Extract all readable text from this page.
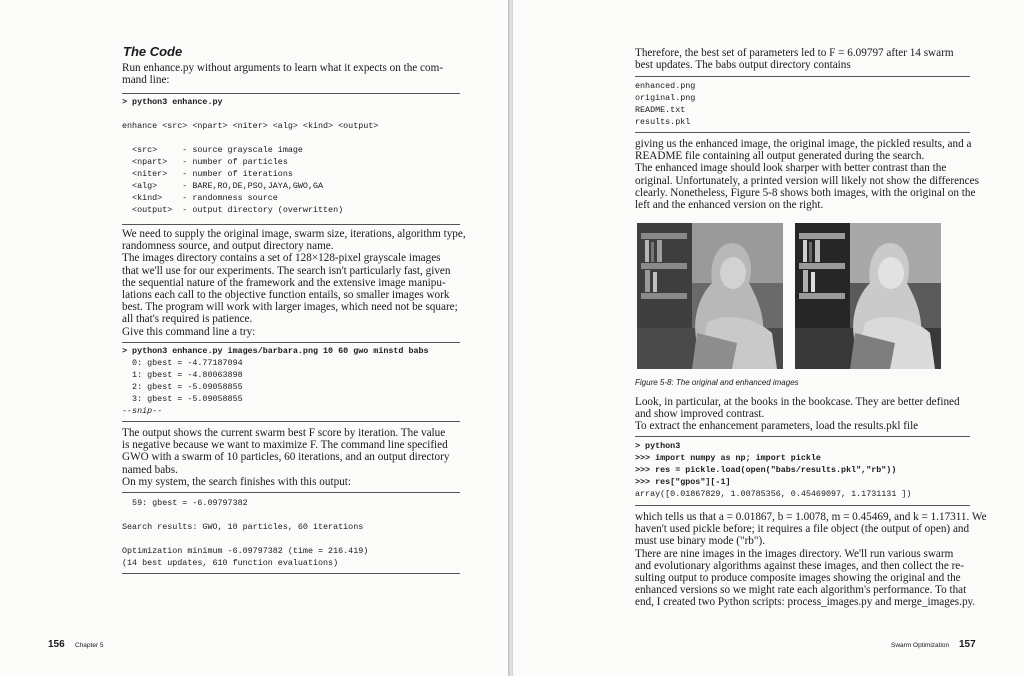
The Code
Run enhance.py without arguments to learn what it expects on the com-
mand line:
> python3 enhance.py
enhance <src> <npart> <niter> <alg> <kind> <output>
<src>     - source grayscale image
<npart>   - number of particles
<niter>   - number of iterations
<alg>     - BARE,RO,DE,PSO,JAYA,GWO,GA
<kind>    - randomness source
<output>  - output directory (overwritten)
We need to supply the original image, swarm size, iterations, algorithm type,
randomness source, and output directory name.
The images directory contains a set of 128×128-pixel grayscale images
that we'll use for our experiments. The search isn't particularly fast, given
the sequential nature of the framework and the extensive image manipu-
lations each call to the objective function entails, so smaller images work
best. The program will work with larger images, which need not be square;
all that's required is patience.
Give this command line a try:
> python3 enhance.py images/barbara.png 10 60 gwo minstd babs
0: gbest = -4.77187094
1: gbest = -4.80063898
2: gbest = -5.09058855
3: gbest = -5.09058855
--snip--
The output shows the current swarm best F score by iteration. The value
is negative because we want to maximize F. The command line specified
GWO with a swarm of 10 particles, 60 iterations, and an output directory
named babs.
On my system, the search finishes with this output:
59: gbest = -6.09797382
Search results: GWO, 10 particles, 60 iterations
Optimization minimum -6.09797382 (time = 216.419)
(14 best updates, 610 function evaluations)
156 Chapter 5
Therefore, the best set of parameters led to F = 6.09797 after 14 swarm
best updates. The babs output directory contains
enhanced.png
original.png
README.txt
results.pkl
giving us the enhanced image, the original image, the pickled results, and a
README file containing all output generated during the search.
The enhanced image should look sharper with better contrast than the
original. Unfortunately, a printed version will likely not show the differences
clearly. Nonetheless, Figure 5-8 shows both images, with the original on the
left and the enhanced version on the right.
Figure 5-8: The original and enhanced images
Look, in particular, at the books in the bookcase. They are better defined
and show improved contrast.
To extract the enhancement parameters, load the results.pkl file
> python3
>>> import numpy as np; import pickle
>>> res = pickle.load(open("babs/results.pkl","rb"))
>>> res["gpos"][-1]
array([0.01867829, 1.00785356, 0.45469097, 1.1731131 ])
which tells us that a = 0.01867, b = 1.0078, m = 0.45469, and k = 1.17311. We
haven't used pickle before; it requires a file object (the output of open) and
must use binary mode ("rb").
There are nine images in the images directory. We'll run various swarm
and evolutionary algorithms against these images, and then collect the re-
sulting output to produce composite images showing the original and the
enhanced versions so we might rate each algorithm's performance. To that
end, I created two Python scripts: process_images.py and merge_images.py.
Swarm Optimization 157
